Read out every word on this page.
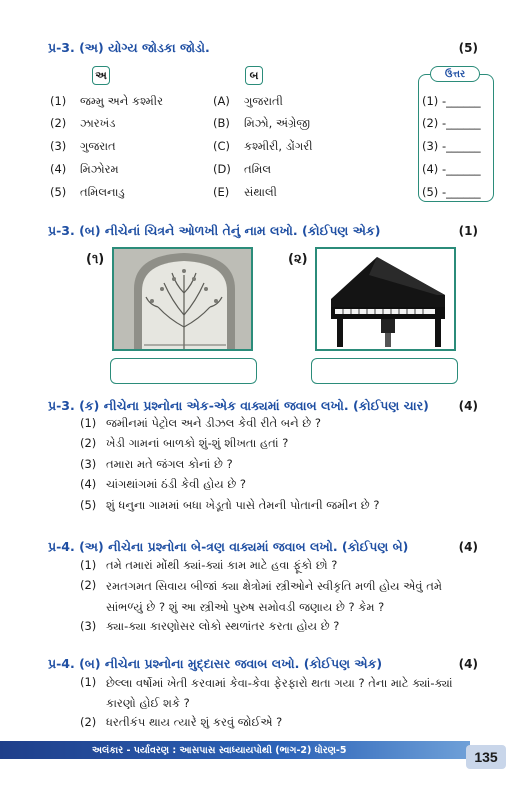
પ્ર-3. (અ) યોગ્ય જોડકા જોડો.	(5)
અ	બ	ઉત્તર
(1) જમ્મુ અને કશ્મીર	(A) ગુજરાતી	(1) -______
(2) ઝારખંડ	(B) મિઝો, અંગ્રેજી	(2) -______
(3) ગુજરાત	(C) કશ્મીરી, ડોંગરી	(3) -______
(4) મિઝોરમ	(D) તમિલ	(4) -______
(5) તમિલનાડુ	(E) સંથાલી	(5) -______
પ્ર-3. (બ) નીચેનાં ચિત્રને ઓળખી તેનું નામ લખો. (કોઈપણ એક)	(1)
(૧)	(૨)
પ્ર-3. (ક) નીચેના પ્રશ્નોના એક-એક વાક્યમાં જવાબ લખો. (કોઈપણ ચાર) (4)
(1) જમીનમાં પેટ્રોલ અને ડીઝલ કેવી રીતે બને છે ?
(2) ખેડી ગામનાં બાળકો શું-શું શીખતા હતાં ?
(3) તમારા મતે જંગલ કોનાં છે ?
(4) ચાંગથાંગમાં ઠંડી કેવી હોય છે ?
(5) શું ધનુના ગામમાં બધા ખેડૂતો પાસે તેમની પોતાની જમીન છે ?
પ્ર-4. (અ) નીચેના પ્રશ્નોના બે-ત્રણ વાક્યમાં જવાબ લખો. (કોઈપણ બે)	(4)
(1) તમે તમારાં મોંથી ક્યાં-ક્યાં કામ માટે હવા ફૂંકો છો ?
(2) રમતગમત સિવાય બીજાં ક્યા ક્ષેત્રોમાં સ્ત્રીઓને સ્વીકૃતિ મળી હોય એવું તમે સાંભળ્યું છે ? શું આ સ્ત્રીઓ પુરુષ સમોવડી જણાય છે ? કેમ ?
(3) ક્યા-ક્યા કારણોસર લોકો સ્થળાંતર કરતા હોય છે ?
પ્ર-4. (બ) નીચેના પ્રશ્નોના મુદ્દાસર જવાબ લખો. (કોઈપણ એક)	(4)
(1) છેલ્લા વર્ષોમાં ખેતી કરવામાં કેવા-કેવા ફેરફારો થતા ગયા ? તેના માટે ક્યાં-ક્યાં કારણો હોઈ શકે ?
(2) ધરતીકંપ થાય ત્યારે શું કરવું જોઈએ ?
અલંકાર - પર્યાવરણ : આસપાસ સ્વાધ્યાયપોથી (ભાગ-2) ધોરણ-5	135
